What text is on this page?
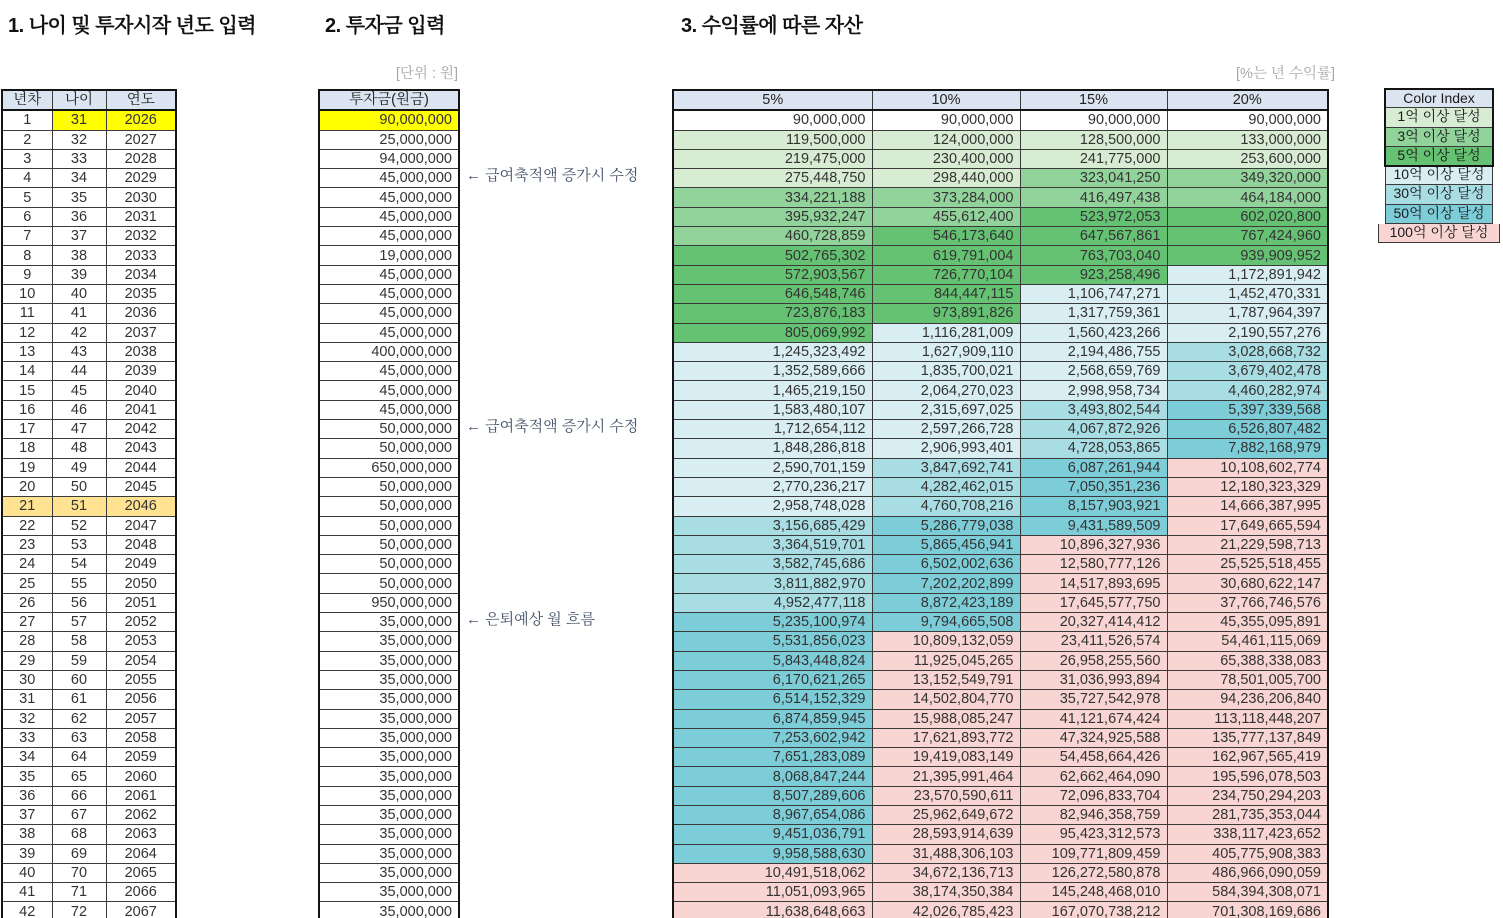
1. 나이 및 투자시작 년도 입력	2. 투자금 입력	3. 수익률에 따른 자산
[단위 : 원]	[%는 년 수익률]
년차	나이	연도
1	31	2026
2	32	2027
3	33	2028
4	34	2029
5	35	2030
6	36	2031
7	37	2032
8	38	2033
9	39	2034
10	40	2035
11	41	2036
12	42	2037
13	43	2038
14	44	2039
15	45	2040
16	46	2041
17	47	2042
18	48	2043
19	49	2044
20	50	2045
21	51	2046
22	52	2047
23	53	2048
24	54	2049
25	55	2050
26	56	2051
27	57	2052
28	58	2053
29	59	2054
30	60	2055
31	61	2056
32	62	2057
33	63	2058
34	64	2059
35	65	2060
36	66	2061
37	67	2062
38	68	2063
39	69	2064
40	70	2065
41	71	2066
42	72	2067
투자금(원금)
90,000,000
25,000,000
94,000,000
45,000,000
45,000,000
45,000,000
45,000,000
19,000,000
45,000,000
45,000,000
45,000,000
45,000,000
400,000,000
45,000,000
45,000,000
45,000,000
50,000,000
50,000,000
650,000,000
50,000,000
50,000,000
50,000,000
50,000,000
50,000,000
50,000,000
950,000,000
35,000,000
35,000,000
35,000,000
35,000,000
35,000,000
35,000,000
35,000,000
35,000,000
35,000,000
35,000,000
35,000,000
35,000,000
35,000,000
35,000,000
35,000,000
35,000,000
5%	10%	15%	20%
90,000,000	90,000,000	90,000,000	90,000,000
119,500,000	124,000,000	128,500,000	133,000,000
219,475,000	230,400,000	241,775,000	253,600,000
275,448,750	298,440,000	323,041,250	349,320,000
334,221,188	373,284,000	416,497,438	464,184,000
395,932,247	455,612,400	523,972,053	602,020,800
460,728,859	546,173,640	647,567,861	767,424,960
502,765,302	619,791,004	763,703,040	939,909,952
572,903,567	726,770,104	923,258,496	1,172,891,942
646,548,746	844,447,115	1,106,747,271	1,452,470,331
723,876,183	973,891,826	1,317,759,361	1,787,964,397
805,069,992	1,116,281,009	1,560,423,266	2,190,557,276
1,245,323,492	1,627,909,110	2,194,486,755	3,028,668,732
1,352,589,666	1,835,700,021	2,568,659,769	3,679,402,478
1,465,219,150	2,064,270,023	2,998,958,734	4,460,282,974
1,583,480,107	2,315,697,025	3,493,802,544	5,397,339,568
1,712,654,112	2,597,266,728	4,067,872,926	6,526,807,482
1,848,286,818	2,906,993,401	4,728,053,865	7,882,168,979
2,590,701,159	3,847,692,741	6,087,261,944	10,108,602,774
2,770,236,217	4,282,462,015	7,050,351,236	12,180,323,329
2,958,748,028	4,760,708,216	8,157,903,921	14,666,387,995
3,156,685,429	5,286,779,038	9,431,589,509	17,649,665,594
3,364,519,701	5,865,456,941	10,896,327,936	21,229,598,713
3,582,745,686	6,502,002,636	12,580,777,126	25,525,518,455
3,811,882,970	7,202,202,899	14,517,893,695	30,680,622,147
4,952,477,118	8,872,423,189	17,645,577,750	37,766,746,576
5,235,100,974	9,794,665,508	20,327,414,412	45,355,095,891
5,531,856,023	10,809,132,059	23,411,526,574	54,461,115,069
5,843,448,824	11,925,045,265	26,958,255,560	65,388,338,083
6,170,621,265	13,152,549,791	31,036,993,894	78,501,005,700
6,514,152,329	14,502,804,770	35,727,542,978	94,236,206,840
6,874,859,945	15,988,085,247	41,121,674,424	113,118,448,207
7,253,602,942	17,621,893,772	47,324,925,588	135,777,137,849
7,651,283,089	19,419,083,149	54,458,664,426	162,967,565,419
8,068,847,244	21,395,991,464	62,662,464,090	195,596,078,503
8,507,289,606	23,570,590,611	72,096,833,704	234,750,294,203
8,967,654,086	25,962,649,672	82,946,358,759	281,735,353,044
9,451,036,791	28,593,914,639	95,423,312,573	338,117,423,652
9,958,588,630	31,488,306,103	109,771,809,459	405,775,908,383
10,491,518,062	34,672,136,713	126,272,580,878	486,966,090,059
11,051,093,965	38,174,350,384	145,248,468,010	584,394,308,071
11,638,648,663	42,026,785,423	167,070,738,212	701,308,169,686
Color Index
1억 이상 달성
3억 이상 달성
5억 이상 달성
10억 이상 달성
30억 이상 달성
50억 이상 달성
100억 이상 달성
← 급여축적액 증가시 수정
← 급여축적액 증가시 수정
← 은퇴예상 월 흐름
